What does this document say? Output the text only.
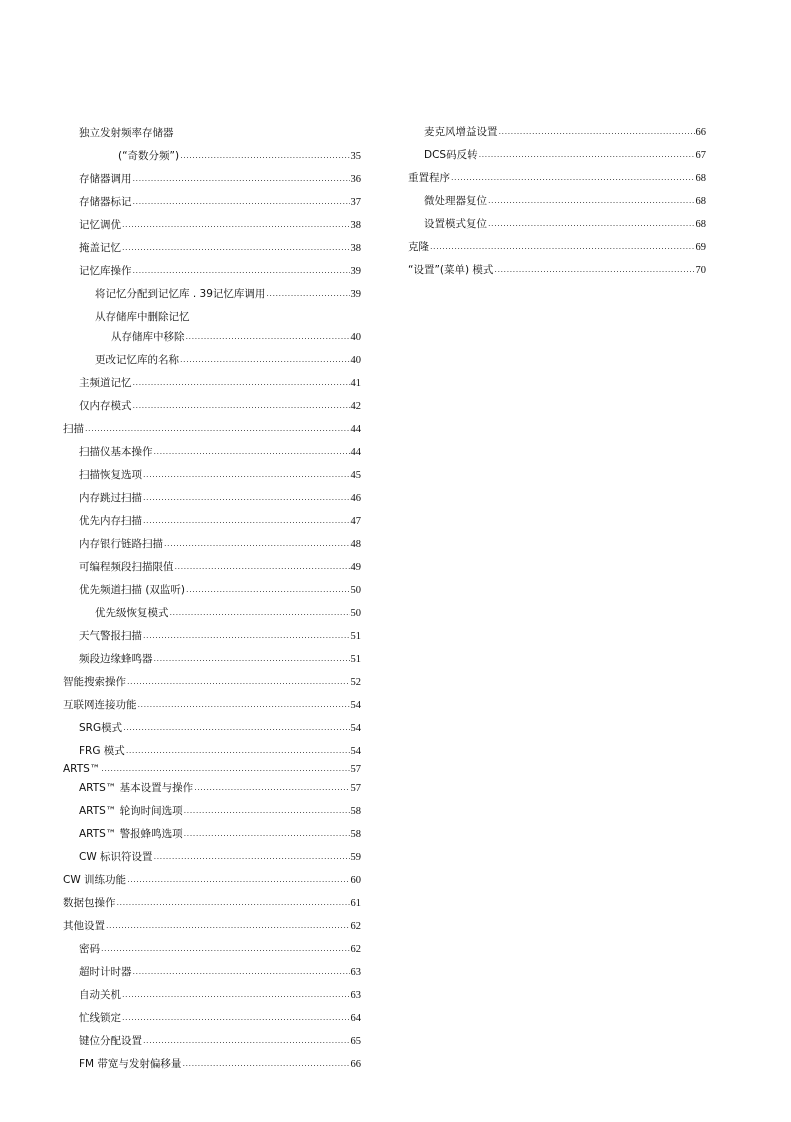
独立发射频率存储器
(“奇数分频”) .....	35
存储器调用 .....	36
存储器标记 .....	37
记忆调优 .....	38
掩盖记忆 .....	38
记忆库操作 .....	39
将记忆分配到记忆库 . 39记忆库调用 .....	39
从存储库中删除记忆
从存储库中移除 .....	40
更改记忆库的名称 .....	40
主频道记忆 .....	41
仅内存模式 .....	42
扫描 .....	44
扫描仪基本操作 .....	44
扫描恢复选项 .....	45
内存跳过扫描 .....	46
优先内存扫描 .....	47
内存银行链路扫描 .....	48
可编程频段扫描限值 .....	49
优先频道扫描 (双监听) .....	50
优先级恢复模式 .....	50
天气警报扫描 .....	51
频段边缘蜂鸣器 .....	51
智能搜索操作 .....	52
互联网连接功能 .....	54
SRG模式 .....	54
FRG 模式 .....	54
ARTS™ .....	57
ARTS™ 基本设置与操作 .....	57
ARTS™ 轮询时间选项 .....	58
ARTS™ 警报蜂鸣选项 .....	58
CW 标识符设置 .....	59
CW 训练功能 .....	60
数据包操作 .....	61
其他设置 .....	62
密码 .....	62
超时计时器 .....	63
自动关机 .....	63
忙线锁定 .....	64
键位分配设置 .....	65
FM 带宽与发射偏移量 .....	66
麦克风增益设置 .....	66
DCS码反转 .....	67
重置程序 .....	68
微处理器复位 .....	68
设置模式复位 .....	68
克隆 .....	69
“设置”(菜单) 模式 .....	70
